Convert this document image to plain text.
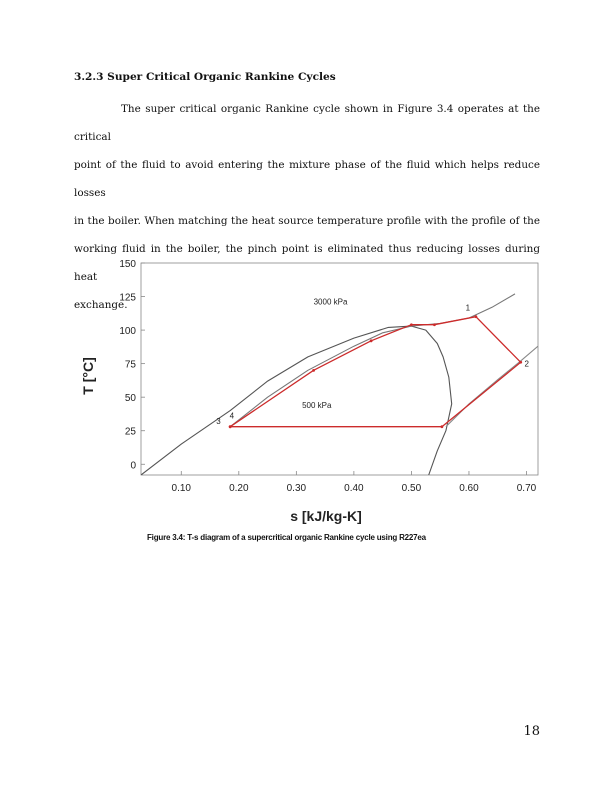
3.2.3 Super Critical Organic Rankine Cycles
The super critical organic Rankine cycle shown in Figure 3.4 operates at the critical
point of the fluid to avoid entering the mixture phase of the fluid which helps reduce losses
in the boiler. When matching the heat source temperature profile with the profile of the
working fluid in the boiler, the pinch point is eliminated thus reducing losses during heat
exchange.
0.10	0.20	0.30	0.40	0.50	0.60	0.70
0
25
50
75
100
125
150
1
2
3
4
3000 kPa
500 kPa
s [kJ/kg-K]
T [°C]
Figure 3.4: T-s diagram of a supercritical organic Rankine cycle using R227ea
18
